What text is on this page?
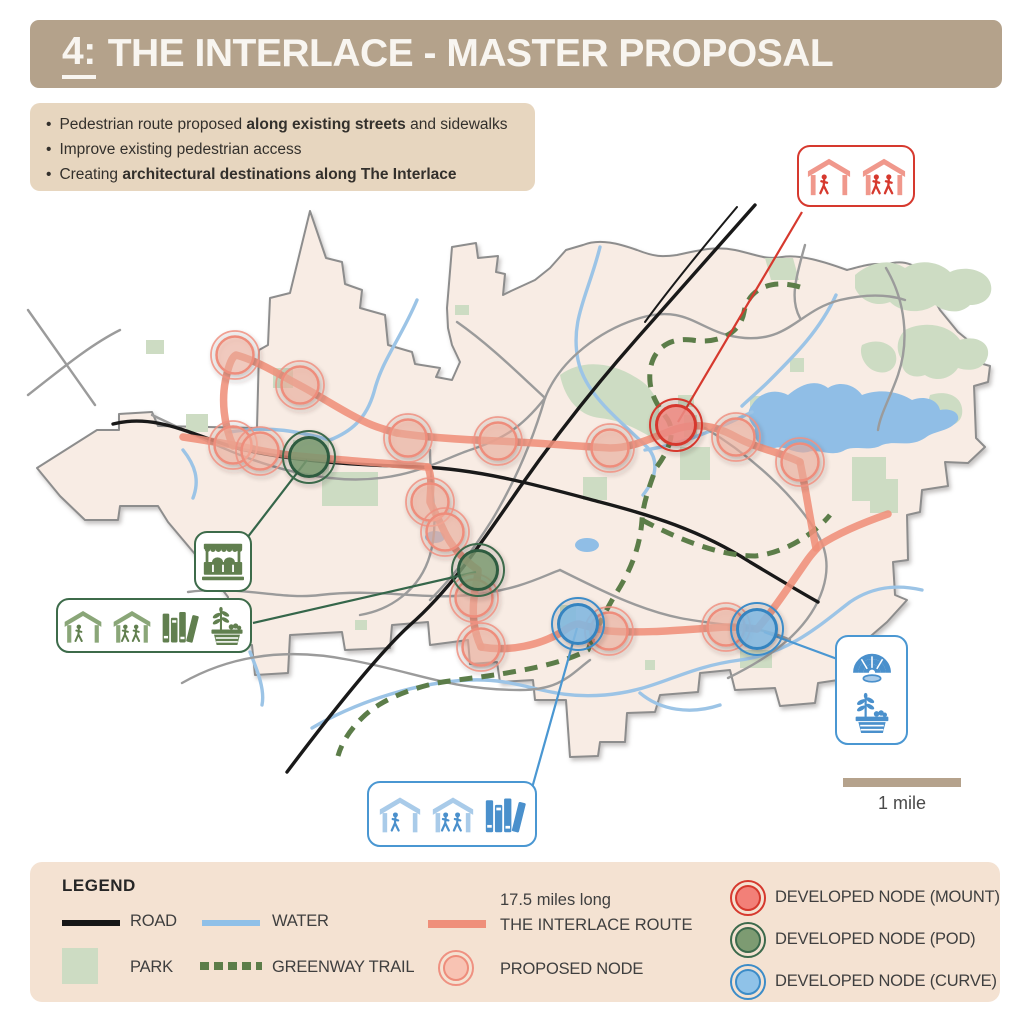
1 mile
4: THE INTERLACE - MASTER PROPOSAL
• Pedestrian route proposed along existing streets and sidewalks
• Improve existing pedestrian access
• Creating architectural destinations along The Interlace
LEGEND
ROAD
PARK
WATER
GREENWAY TRAIL
17.5 miles long
THE INTERLACE ROUTE
PROPOSED NODE
DEVELOPED NODE (MOUNT)
DEVELOPED NODE (POD)
DEVELOPED NODE (CURVE)
